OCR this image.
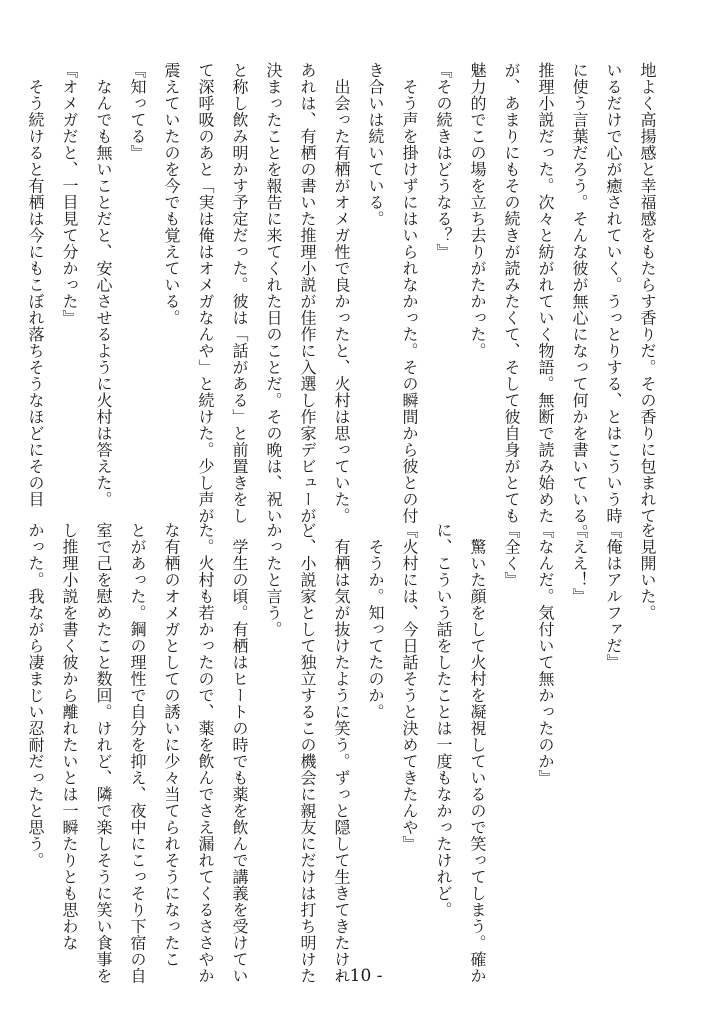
地よく高揚感と幸福感をもたらす香りだ。その香りに包まれて
いるだけで心が癒されていく。うっとりする、とはこういう時
に使う言葉だろう。そんな彼が無心になって何かを書いている。
推理小説だった。次々と紡がれていく物語。無断で読み始めた
が、あまりにもその続きが読みたくて、そして彼自身がとても
魅力的でこの場を立ち去りがたかった。
『その続きはどうなる？』
　そう声を掛けずにはいられなかった。その瞬間から彼との付
き合いは続いている。
　出会った有栖がオメガ性で良かったと、火村は思っていた。
あれは、有栖の書いた推理小説が佳作に入選し作家デビューが
決まったことを報告に来てくれた日のことだ。その晩は、祝い
と称し飲み明かす予定だった。彼は「話がある」と前置きをし
て深呼吸のあと「実は俺はオメガなんや」と続けた。少し声が
震えていたのを今でも覚えている。
『知ってる』
　なんでも無いことだと、安心させるように火村は答えた。
『オメガだと、一目見て分かった』
　そう続けると有栖は今にもこぼれ落ちそうなほどにその目
を見開いた。
『俺はアルファだ』
『ええ！』
『なんだ。気付いて無かったのか』
『全く』
　驚いた顔をして火村を凝視しているので笑ってしまう。確か
に、こういう話をしたことは一度もなかったけれど。
『火村には、今日話そうと決めてきたんや』
　そうか。知ってたのか。
　有栖は気が抜けたように笑う。ずっと隠して生きてきたけれ
ど、小説家として独立するこの機会に親友にだけは打ち明けた
かったと言う。
　学生の頃。有栖はヒートの時でも薬を飲んで講義を受けてい
た。火村も若かったので、薬を飲んでさえ漏れてくるささやか
な有栖のオメガとしての誘いに少々当てられそうになったこ
とがあった。鋼の理性で自分を抑え、夜中にこっそり下宿の自
室で己を慰めたこと数回。けれど、隣で楽しそうに笑い食事を
し推理小説を書く彼から離れたいとは一瞬たりとも思わな
かった。我ながら凄まじい忍耐だったと思う。
- 10 -
